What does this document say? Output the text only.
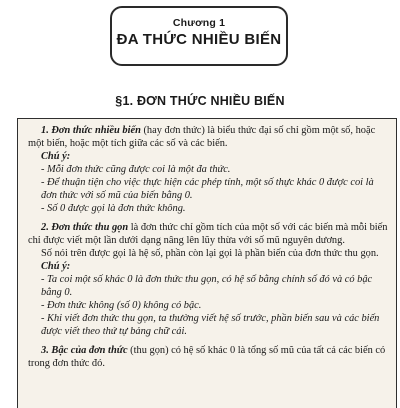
Chương 1
ĐA THỨC NHIỀU BIẾN
§1. ĐƠN THỨC NHIỀU BIẾN

1. Đơn thức nhiều biến (hay đơn thức) là biểu thức đại số chỉ gồm một số, hoặc một biến, hoặc một tích giữa các số và các biến.

Chú ý:

- Mỗi đơn thức cũng được coi là một đa thức.

- Để thuận tiện cho việc thực hiện các phép tính, một số thực khác 0 được coi là đơn thức với số mũ của biến bằng 0.

- Số 0 được gọi là đơn thức không.

2. Đơn thức thu gọn là đơn thức chỉ gồm tích của một số với các biến mà mỗi biến chỉ được viết một lần dưới dạng nâng lên lũy thừa với số mũ nguyên dương.

Số nói trên được gọi là hệ số, phần còn lại gọi là phần biến của đơn thức thu gọn.

Chú ý:

- Ta coi một số khác 0 là đơn thức thu gọn, có hệ số bằng chính số đó và có bậc bằng 0.

- Đơn thức không (số 0) không có bậc.

- Khi viết đơn thức thu gọn, ta thường viết hệ số trước, phần biến sau và các biến được viết theo thứ tự bảng chữ cái.

3. Bậc của đơn thức (thu gọn) có hệ số khác 0 là tổng số mũ của tất cả các biến có trong đơn thức đó.
